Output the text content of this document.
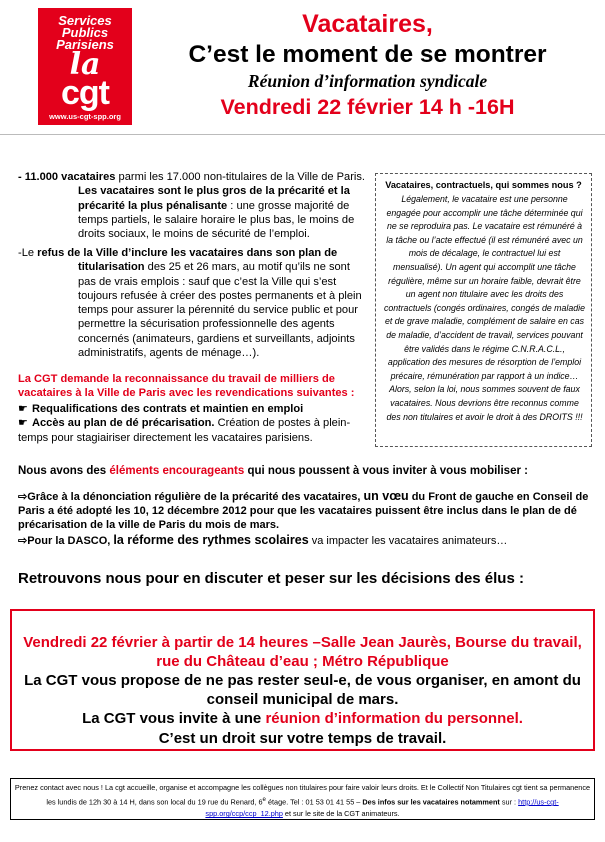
Services
Publics
Parisiens
la
cgt
www.us-cgt-spp.org
Vacataires,
C’est le moment de se montrer
Réunion d’information syndicale
Vendredi 22 février 14 h -16H
- 11.000 vacataires parmi les 17.000 non-titulaires de la Ville de Paris. Les vacataires sont le plus gros de la précarité et la précarité la plus pénalisante : une grosse majorité de temps partiels, le salaire horaire le plus bas, le moins de droits sociaux, le moins de sécurité de l’emploi.
-Le refus de la Ville d’inclure les vacataires dans son plan de titularisation des 25 et 26 mars, au motif qu’ils ne sont pas de vrais emplois : sauf que c’est la Ville qui s’est toujours refusée à créer des postes permanents et à plein temps pour assurer la pérennité du service public et pour permettre la sécurisation professionnelle des agents concernés (animateurs, gardiens et surveillants, adjoints administratifs, agents de ménage…).
La CGT demande la reconnaissance du travail de milliers de vacataires à la Ville de Paris avec les revendications suivantes :
☛ Requalifications des contrats et maintien en emploi
☛ Accès au plan de dé précarisation. Création de postes à plein-temps pour stagiairiser directement les vacataires parisiens.
Vacataires, contractuels, qui sommes nous ?
Légalement, le vacataire est une personne engagée pour accomplir une tâche déterminée qui ne se reproduira pas. Le vacataire est rémunéré à la tâche ou l’acte effectué (il est rémunéré avec un mois de décalage, le contractuel lui est mensualisé). Un agent qui accomplit une tâche régulière, même sur un horaire faible, devrait être un agent non titulaire avec les droits des contractuels (congés ordinaires, congés de maladie et de grave maladie, complément de salaire en cas de maladie, d’accident de travail, services pouvant être validés dans le régime C.N.R.A.C.L., application des mesures de résorption de l’emploi précaire, rémunération par rapport à un indice… Alors, selon la loi, nous sommes souvent de faux vacataires. Nous devrions être reconnus comme des non titulaires et avoir le droit à des DROITS !!!
Nous avons des éléments encourageants qui nous poussent à vous inviter à vous mobiliser :
⇨Grâce à la dénonciation régulière de la précarité des vacataires, un vœu du Front de gauche en Conseil de Paris a été adopté les 10, 12 décembre 2012 pour que les vacataires puissent être inclus dans le plan de dé précarisation de la ville de Paris du mois de mars.
⇨Pour la DASCO, la réforme des rythmes scolaires va impacter les vacataires animateurs…
Retrouvons nous pour en discuter et peser sur les décisions des élus :
Vendredi 22 février à partir de 14 heures –Salle Jean Jaurès, Bourse du travail, rue du Château d’eau ; Métro République
La CGT vous propose de ne pas rester seul-e, de vous organiser, en amont du conseil municipal de mars.
La CGT vous invite à une réunion d’information du personnel.
C’est un droit sur votre temps de travail.
Prenez contact avec nous ! La cgt accueille, organise et accompagne les collègues non titulaires pour faire valoir leurs droits. Et le Collectif Non Titulaires cgt tient sa permanence les lundis de 12h 30 à 14 H, dans son local du 19 rue du Renard, 6e étage. Tel : 01 53 01 41 55 – Des infos sur les vacataires notamment sur : http://us-cgt-spp.org/ccp/ccp_12.php et sur le site de la CGT animateurs.
